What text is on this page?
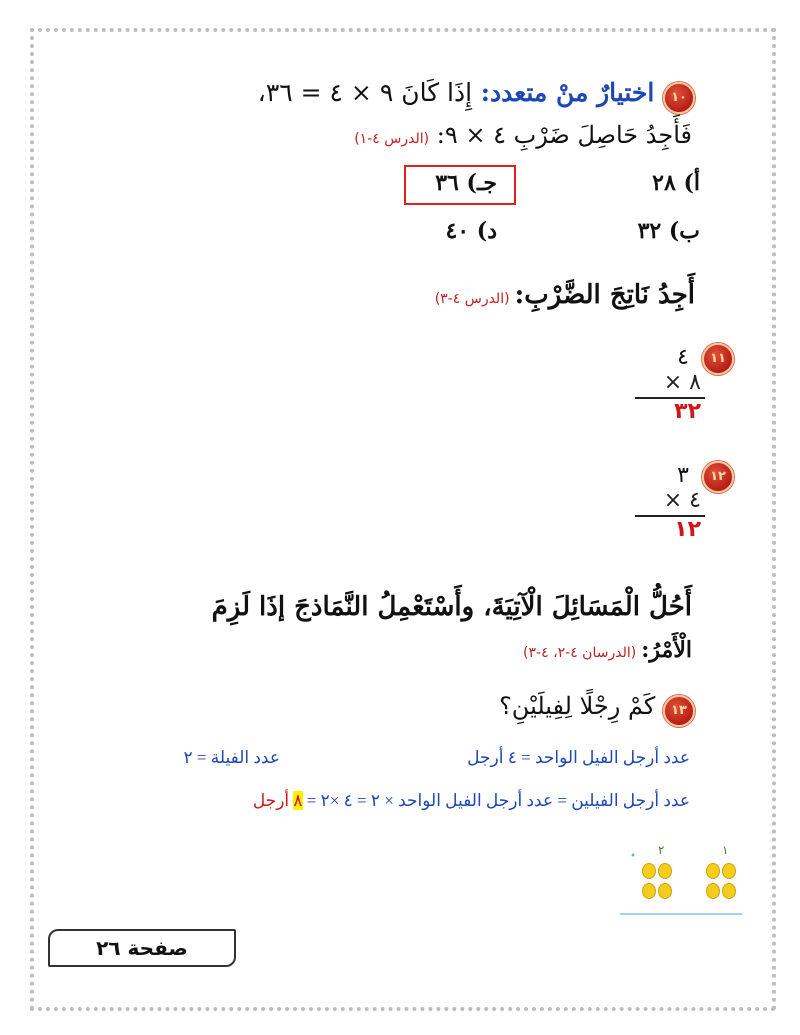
١٠ اختيارٌ منْ متعدد: إِذَا كَانَ ٩ × ٤ = ٣٦،
فَأَجِدُ حَاصِلَ ضَرْبِ ٤ × ٩: (الدرس ٤-١)
أ) ٢٨
جـ) ٣٦
ب) ٣٢
د) ٤٠
أَجِدُ نَاتِجَ الضَّرْبِ: (الدرس ٤-٣)
١١
٤
× ٨
٣٢
١٢
٣
× ٤
١٢
أَحُلُّ الْمَسَائِلَ الْآتِيَةَ، وأَسْتَعْمِلُ النَّمَاذجَ إذَا لَزِمَ
الْأَمْرُ: (الدرسان ٤-٢، ٤-٣)
١٣ كَمْ رِجْلًا لِفِيلَيْنِ؟
عدد أرجل الفيل الواحد = ٤ أرجل
عدد الفيلة = ٢
عدد أرجل الفيلين = عدد أرجل الفيل الواحد × ٢ = ٤ ×٢ = ٨ أرجل
١
٢
•

صفحة ٢٦
